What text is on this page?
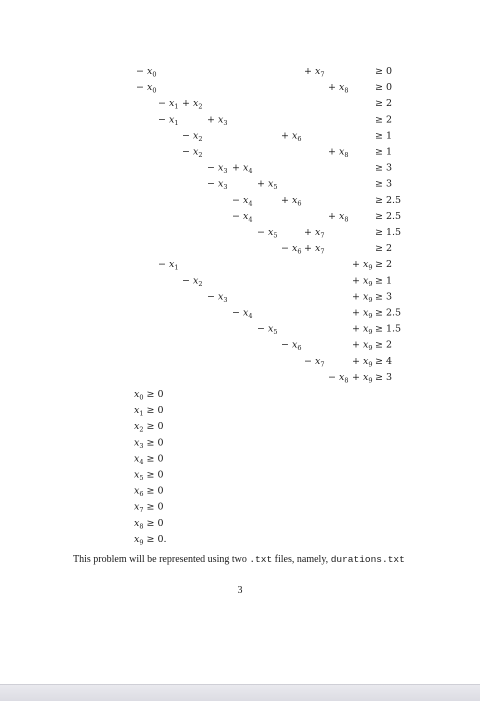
− $x_0$	+ $x_7$	≥ 0
− $x_0$	+ $x_8$	≥ 0
− $x_1 + x_2$	≥ 2
− $x_1$	+ $x_3$	≥ 2
− $x_2$	+ $x_6$	≥ 1
− $x_2$	+ $x_8$	≥ 1
− $x_3 + x_4$	≥ 3
− $x_3$	+ $x_5$	≥ 3
− $x_4$	+ $x_6$	≥ 2.5
− $x_4$	+ $x_8$	≥ 2.5
− $x_5$	+ $x_7$	≥ 1.5
− $x_6 + x_7$	≥ 2
− $x_1$	+ $x_9 \ge 2$
− $x_2$	+ $x_9 \ge 1$
− $x_3$	+ $x_9 \ge 3$
− $x_4$	+ $x_9 \ge 2.5$
− $x_5$	+ $x_9 \ge 1.5$
− $x_6$	+ $x_9 \ge 2$
− $x_7$	+ $x_9 \ge 4$
− $x_8 + x_9 \ge 3$
$x_0 \ge 0$
$x_1 \ge 0$
$x_2 \ge 0$
$x_3 \ge 0$
$x_4 \ge 0$
$x_5 \ge 0$
$x_6 \ge 0$
$x_7 \ge 0$
$x_8 \ge 0$
$x_9 \ge 0$.
This problem will be represented using two .txt files, namely, durations.txt
3
